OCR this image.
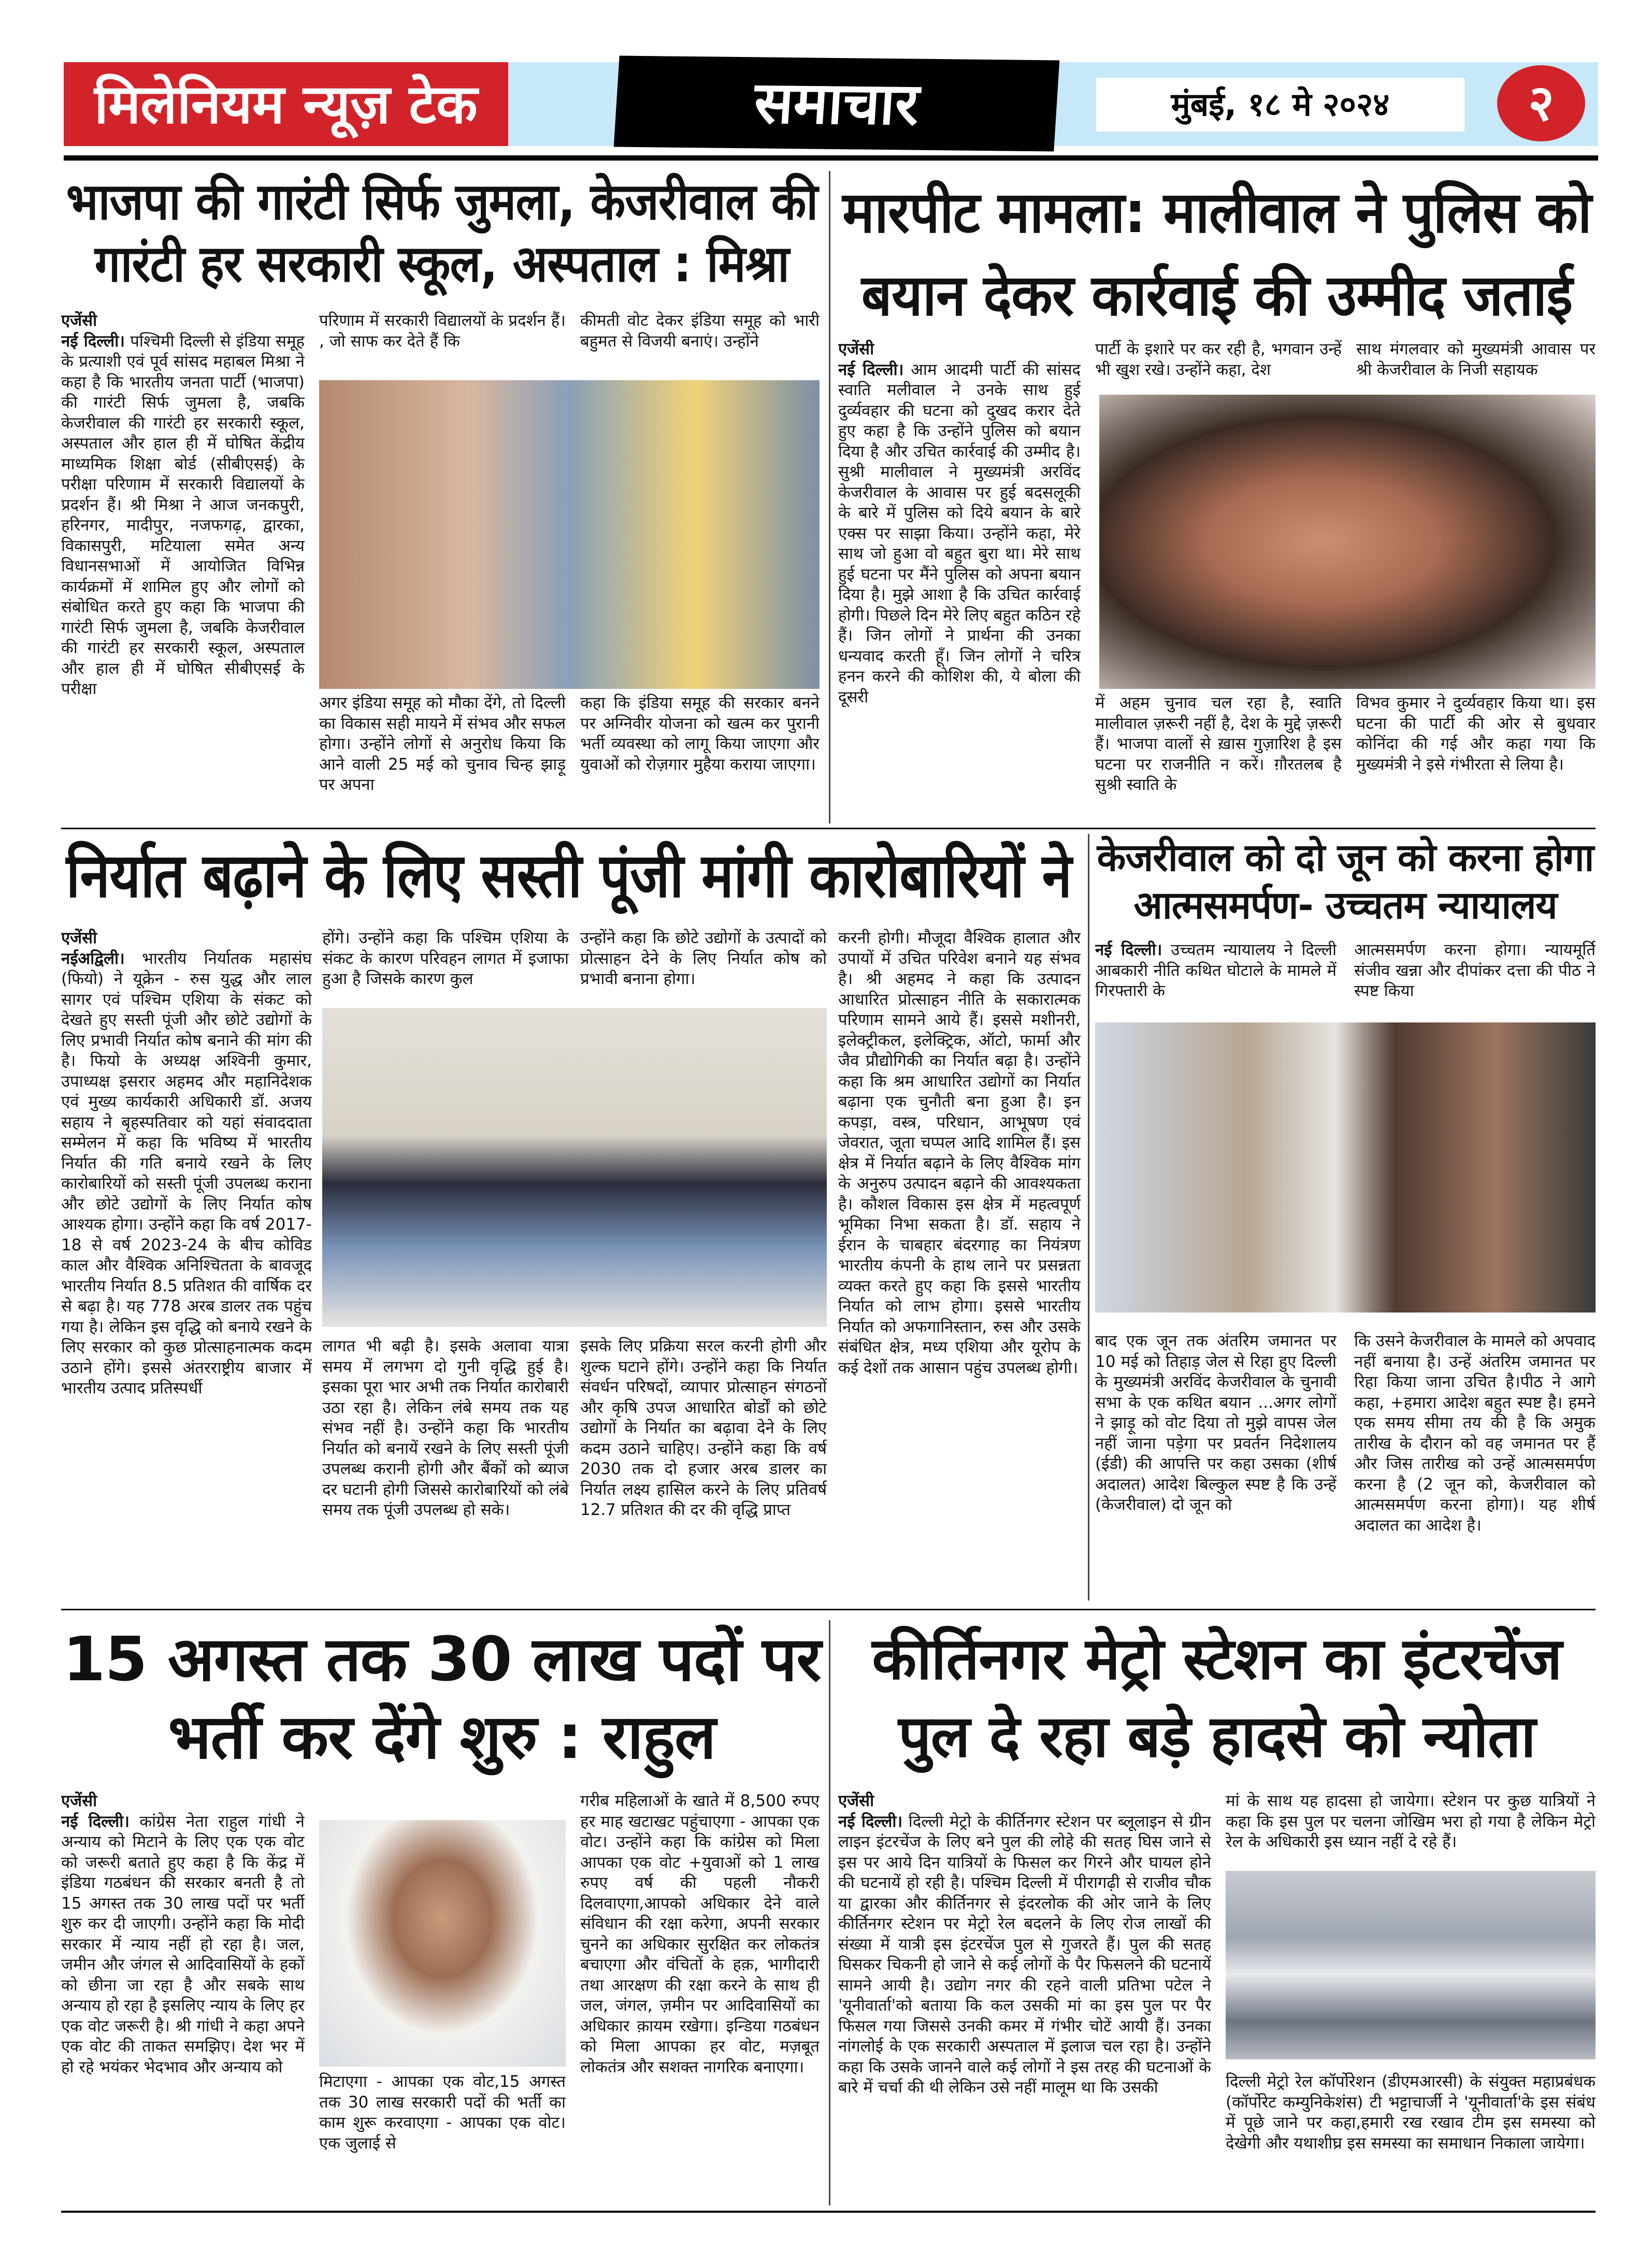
मिलेनियम न्यूज़ टेक	समाचार	मुंबई, १८ मे २०२४	२
भाजपा की गारंटी सिर्फ जुमला, केजरीवाल की गारंटी हर सरकारी स्कूल, अस्पताल : मिश्रा
एजेंसी
नई दिल्ली। पश्चिमी दिल्ली से इंडिया समूह के प्रत्याशी एवं पूर्व सांसद महाबल मिश्रा ने कहा है कि भारतीय जनता पार्टी (भाजपा) की गारंटी सिर्फ जुमला है, जबकि केजरीवाल की गारंटी हर सरकारी स्कूल, अस्पताल और हाल ही में घोषित केंद्रीय माध्यमिक शिक्षा बोर्ड (सीबीएसई) के परीक्षा परिणाम में सरकारी विद्यालयों के प्रदर्शन हैं। श्री मिश्रा ने आज जनकपुरी, हरिनगर, मादीपुर, नजफगढ़, द्वारका, विकासपुरी, मटियाला समेत अन्य विधानसभाओं में आयोजित विभिन्न कार्यक्रमों में शामिल हुए और लोगों को संबोधित करते हुए कहा कि भाजपा की गारंटी सिर्फ जुमला है, जबकि केजरीवाल की गारंटी हर सरकारी स्कूल, अस्पताल और हाल ही में घोषित सीबीएसई के परीक्षा
परिणाम में सरकारी विद्यालयों के प्रदर्शन हैं। , जो साफ कर देते हैं कि
अगर इंडिया समूह को मौका देंगे, तो दिल्ली का विकास सही मायने में संभव और सफल होगा। उन्होंने लोगों से अनुरोध किया कि आने वाली 25 मई को चुनाव चिन्ह झाड़ू पर अपना
कीमती वोट देकर इंडिया समूह को भारी बहुमत से विजयी बनाएं। उन्होंने
कहा कि इंडिया समूह की सरकार बनने पर अग्निवीर योजना को खत्म कर पुरानी भर्ती व्यवस्था को लागू किया जाएगा और युवाओं को रोज़गार मुहैया कराया जाएगा।
मारपीट मामला: मालीवाल ने पुलिस को बयान देकर कार्रवाई की उम्मीद जताई
एजेंसी
नई दिल्ली। आम आदमी पार्टी की सांसद स्वाति मलीवाल ने उनके साथ हुई दुर्व्यवहार की घटना को दुखद करार देते हुए कहा है कि उन्होंने पुलिस को बयान दिया है और उचित कार्रवाई की उम्मीद है। सुश्री मालीवाल ने मुख्यमंत्री अरविंद केजरीवाल के आवास पर हुई बदसलूकी के बारे में पुलिस को दिये बयान के बारे एक्स पर साझा किया। उन्होंने कहा, मेरे साथ जो हुआ वो बहुत बुरा था। मेरे साथ हुई घटना पर मैंने पुलिस को अपना बयान दिया है। मुझे आशा है कि उचित कार्रवाई होगी। पिछले दिन मेरे लिए बहुत कठिन रहे हैं। जिन लोगों ने प्रार्थना की उनका धन्यवाद करती हूँ। जिन लोगों ने चरित्र हनन करने की कोशिश की, ये बोला की दूसरी
पार्टी के इशारे पर कर रही है, भगवान उन्हें भी खुश रखे। उन्होंने कहा, देश
में अहम चुनाव चल रहा है, स्वाति मालीवाल ज़रूरी नहीं है, देश के मुद्दे ज़रूरी हैं। भाजपा वालों से ख़ास गुज़ारिश है इस घटना पर राजनीति न करें। ग़ौरतलब है सुश्री स्वाति के
साथ मंगलवार को मुख्यमंत्री आवास पर श्री केजरीवाल के निजी सहायक
विभव कुमार ने दुर्व्यवहार किया था। इस घटना की पार्टी की ओर से बुधवार कोनिंदा की गई और कहा गया कि मुख्यमंत्री ने इसे गंभीरता से लिया है।
निर्यात बढ़ाने के लिए सस्ती पूंजी मांगी कारोबारियों ने
एजेंसी
नईअद्विली। भारतीय निर्यातक महासंघ (फियो) ने यूक्रेन - रुस युद्ध और लाल सागर एवं पश्चिम एशिया के संकट को देखते हुए सस्ती पूंजी और छोटे उद्योगों के लिए प्रभावी निर्यात कोष बनाने की मांग की है। फियो के अध्यक्ष अश्विनी कुमार, उपाध्यक्ष इसरार अहमद और महानिदेशक एवं मुख्य कार्यकारी अधिकारी डॉ. अजय सहाय ने बृहस्पतिवार को यहां संवाददाता सम्मेलन में कहा कि भविष्य में भारतीय निर्यात की गति बनाये रखने के लिए कारोबारियों को सस्ती पूंजी उपलब्ध कराना और छोटे उद्योगों के लिए निर्यात कोष आश्यक होगा। उन्होंने कहा कि वर्ष 2017-18 से वर्ष 2023-24 के बीच कोविड काल और वैश्विक अनिश्चितता के बावजूद भारतीय निर्यात 8.5 प्रतिशत की वार्षिक दर से बढ़ा है। यह 778 अरब डालर तक पहुंच गया है। लेकिन इस वृद्धि को बनाये रखने के लिए सरकार को कुछ प्रोत्साहनात्मक कदम उठाने होंगे। इससे अंतरराष्ट्रीय बाजार में भारतीय उत्पाद प्रतिस्पर्धी
होंगे। उन्होंने कहा कि पश्चिम एशिया के संकट के कारण परिवहन लागत में इजाफा हुआ है जिसके कारण कुल
लागत भी बढ़ी है। इसके अलावा यात्रा समय में लगभग दो गुनी वृद्धि हुई है। इसका पूरा भार अभी तक निर्यात कारोबारी उठा रहा है। लेकिन लंबे समय तक यह संभव नहीं है। उन्होंने कहा कि भारतीय निर्यात को बनायें रखने के लिए सस्ती पूंजी उपलब्ध करानी होगी और बैंकों को ब्याज दर घटानी होगी जिससे कारोबारियों को लंबे समय तक पूंजी उपलब्ध हो सके।
उन्होंने कहा कि छोटे उद्योगों के उत्पादों को प्रोत्साहन देने के लिए निर्यात कोष को प्रभावी बनाना होगा।
इसके लिए प्रक्रिया सरल करनी होगी और शुल्क घटाने होंगे। उन्होंने कहा कि निर्यात संवर्धन परिषदों, व्यापार प्रोत्साहन संगठनों और कृषि उपज आधारित बोर्डों को छोटे उद्योगों के निर्यात का बढ़ावा देने के लिए कदम उठाने चाहिए। उन्होंने कहा कि वर्ष 2030 तक दो हजार अरब डालर का निर्यात लक्ष्य हासिल करने के लिए प्रतिवर्ष 12.7 प्रतिशत की दर की वृद्धि प्राप्त
करनी होगी। मौजूदा वैश्विक हालात और उपायों में उचित परिवेश बनाने यह संभव है। श्री अहमद ने कहा कि उत्पादन आधारित प्रोत्साहन नीति के सकारात्मक परिणाम सामने आये हैं। इससे मशीनरी, इलेक्ट्रीकल, इलेक्ट्रिक, ऑटो, फार्मा और जैव प्रौद्योगिकी का निर्यात बढ़ा है। उन्होंने कहा कि श्रम आधारित उद्योगों का निर्यात बढ़ाना एक चुनौती बना हुआ है। इन कपड़ा, वस्त्र, परिधान, आभूषण एवं जेवरात, जूता चप्पल आदि शामिल हैं। इस क्षेत्र में निर्यात बढ़ाने के लिए वैश्विक मांग के अनुरुप उत्पादन बढ़ाने की आवश्यकता है। कौशल विकास इस क्षेत्र में महत्वपूर्ण भूमिका निभा सकता है। डॉ. सहाय ने ईरान के चाबहार बंदरगाह का नियंत्रण भारतीय कंपनी के हाथ लाने पर प्रसन्नता व्यक्त करते हुए कहा कि इससे भारतीय निर्यात को लाभ होगा। इससे भारतीय निर्यात को अफगानिस्तान, रुस और उसके संबंधित क्षेत्र, मध्य एशिया और यूरोप के कई देशों तक आसान पहुंच उपलब्ध होगी।
केजरीवाल को दो जून को करना होगा आत्मसमर्पण- उच्चतम न्यायालय
नई दिल्ली। उच्चतम न्यायालय ने दिल्ली आबकारी नीति कथित घोटाले के मामले में गिरफ्तारी के
बाद एक जून तक अंतरिम जमानत पर 10 मई को तिहाड़ जेल से रिहा हुए दिल्ली के मुख्यमंत्री अरविंद केजरीवाल के चुनावी सभा के एक कथित बयान ...अगर लोगों ने झाड़ू को वोट दिया तो मुझे वापस जेल नहीं जाना पड़ेगा पर प्रवर्तन निदेशालय (ईडी) की आपत्ति पर कहा उसका (शीर्ष अदालत) आदेश बिल्कुल स्पष्ट है कि उन्हें (केजरीवाल) दो जून को
आत्मसमर्पण करना होगा। न्यायमूर्ति संजीव खन्ना और दीपांकर दत्ता की पीठ ने स्पष्ट किया
कि उसने केजरीवाल के मामले को अपवाद नहीं बनाया है। उन्हें अंतरिम जमानत पर रिहा किया जाना उचित है।पीठ ने आगे कहा, +हमारा आदेश बहुत स्पष्ट है। हमने एक समय सीमा तय की है कि अमुक तारीख के दौरान को वह जमानत पर हैं और जिस तारीख को उन्हें आत्मसमर्पण करना है (2 जून को, केजरीवाल को आत्मसमर्पण करना होगा)। यह शीर्ष अदालत का आदेश है।
15 अगस्त तक 30 लाख पदों पर भर्ती कर देंगे शुरु : राहुल
एजेंसी
नई दिल्ली। कांग्रेस नेता राहुल गांधी ने अन्याय को मिटाने के लिए एक एक वोट को जरूरी बताते हुए कहा है कि केंद्र में इंडिया गठबंधन की सरकार बनती है तो 15 अगस्त तक 30 लाख पदों पर भर्ती शुरु कर दी जाएगी। उन्होंने कहा कि मोदी सरकार में न्याय नहीं हो रहा है। जल, जमीन और जंगल से आदिवासियों के हकों को छीना जा रहा है और सबके साथ अन्याय हो रहा है इसलिए न्याय के लिए हर एक वोट जरूरी है। श्री गांधी ने कहा अपने एक वोट की ताकत समझिए। देश भर में हो रहे भयंकर भेदभाव और अन्याय को
मिटाएगा - आपका एक वोट,15 अगस्त तक 30 लाख सरकारी पदों की भर्ती का काम शुरू करवाएगा - आपका एक वोट। एक जुलाई से
गरीब महिलाओं के खाते में 8,500 रुपए हर माह खटाखट पहुंचाएगा - आपका एक वोट। उन्होंने कहा कि कांग्रेस को मिला आपका एक वोट +युवाओं को 1 लाख रुपए वर्ष की पहली नौकरी दिलवाएगा,आपको अधिकार देने वाले संविधान की रक्षा करेगा, अपनी सरकार चुनने का अधिकार सुरक्षित कर लोकतंत्र बचाएगा और वंचितों के हक़, भागीदारी तथा आरक्षण की रक्षा करने के साथ ही जल, जंगल, ज़मीन पर आदिवासियों का अधिकार क़ायम रखेगा। इन्डिया गठबंधन को मिला आपका हर वोट, मज़बूत लोकतंत्र और सशक्त नागरिक बनाएगा।
कीर्तिनगर मेट्रो स्टेशन का इंटरचेंज पुल दे रहा बड़े हादसे को न्योता
एजेंसी
नई दिल्ली। दिल्ली मेट्रो के कीर्तिनगर स्टेशन पर ब्लूलाइन से ग्रीन लाइन इंटरचेंज के लिए बने पुल की लोहे की सतह घिस जाने से इस पर आये दिन यात्रियों के फिसल कर गिरने और घायल होने की घटनायें हो रही है। पश्चिम दिल्ली में पीरागढ़ी से राजीव चौक या द्वारका और कीर्तिनगर से इंदरलोक की ओर जाने के लिए कीर्तिनगर स्टेशन पर मेट्रो रेल बदलने के लिए रोज लाखों की संख्या में यात्री इस इंटरचेंज पुल से गुजरते हैं। पुल की सतह घिसकर चिकनी हो जाने से कई लोगों के पैर फिसलने की घटनायें सामने आयी है। उद्योग नगर की रहने वाली प्रतिभा पटेल ने 'यूनीवार्ता'को बताया कि कल उसकी मां का इस पुल पर पैर फिसल गया जिससे उनकी कमर में गंभीर चोटें आयी हैं। उनका नांगलोई के एक सरकारी अस्पताल में इलाज चल रहा है। उन्होंने कहा कि उसके जानने वाले कई लोगों ने इस तरह की घटनाओं के बारे में चर्चा की थी लेकिन उसे नहीं मालूम था कि उसकी
मां के साथ यह हादसा हो जायेगा। स्टेशन पर कुछ यात्रियों ने कहा कि इस पुल पर चलना जोखिम भरा हो गया है लेकिन मेट्रो रेल के अधिकारी इस ध्यान नहीं दे रहे हैं।
दिल्ली मेट्रो रेल कॉर्पोरेशन (डीएमआरसी) के संयुक्त महाप्रबंधक (कॉर्पोरेट कम्युनिकेशंस) टी भट्टाचार्जी ने 'यूनीवार्ता'के इस संबंध में पूछे जाने पर कहा,हमारी रख रखाव टीम इस समस्या को देखेगी और यथाशीघ्र इस समस्या का समाधान निकाला जायेगा।
